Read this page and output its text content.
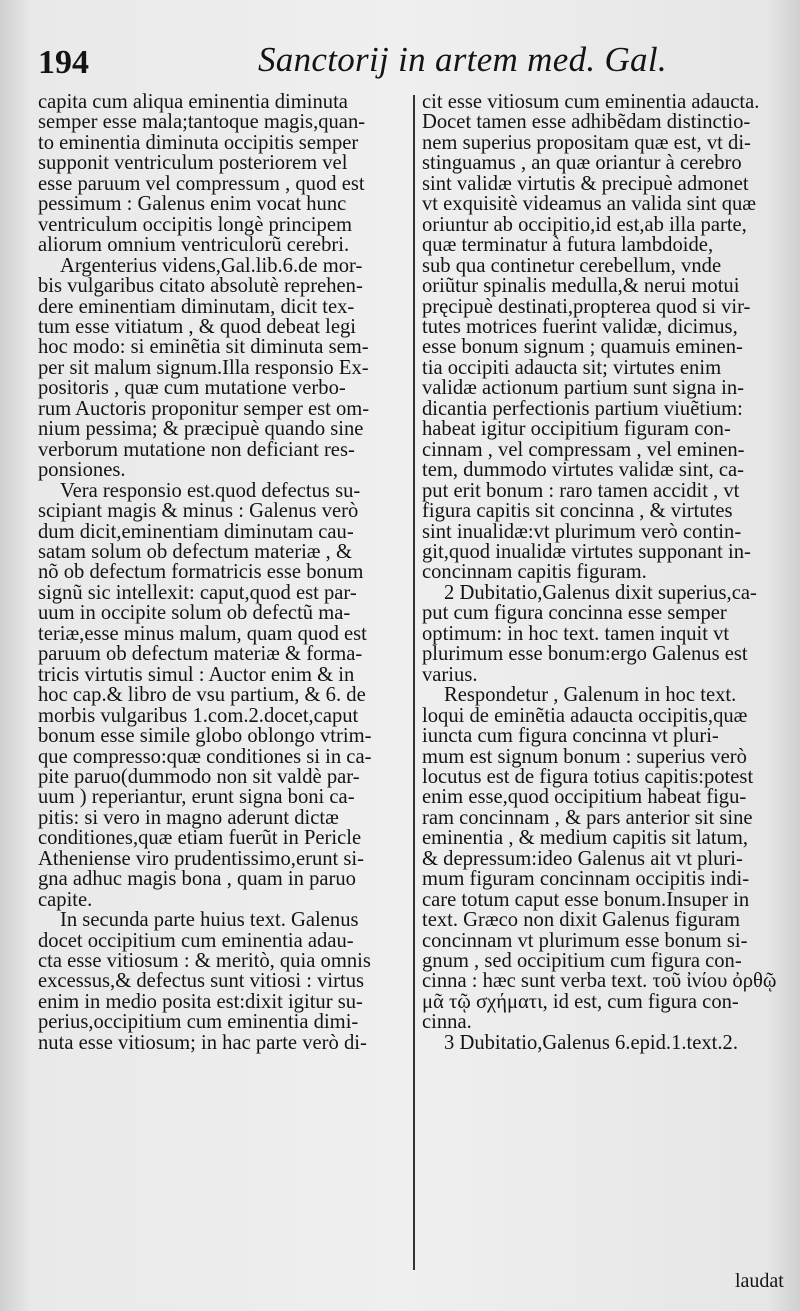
194	Sanctorij in artem med. Gal.
capita cum aliqua eminentia diminuta
semper esse mala;tantoque magis,quan-
to eminentia diminuta occipitis semper
supponit ventriculum posteriorem vel
esse paruum vel compressum , quod est
pessimum : Galenus enim vocat hunc
ventriculum occipitis longè principem
aliorum omnium ventriculorũ cerebri.
Argenterius videns,Gal.lib.6.de mor-
bis vulgaribus citato absolutè reprehen-
dere eminentiam diminutam, dicit tex-
tum esse vitiatum , & quod debeat legi
hoc modo: si eminẽtia sit diminuta sem-
per sit malum signum.Illa responsio Ex-
positoris , quæ cum mutatione verbo-
rum Auctoris proponitur semper est om-
nium pessima; & præcipuè quando sine
verborum mutatione non deficiant res-
ponsiones.
Vera responsio est.quod defectus su-
scipiant magis & minus : Galenus verò
dum dicit,eminentiam diminutam cau-
satam solum ob defectum materiæ , &
nõ ob defectum formatricis esse bonum
signũ sic intellexit: caput,quod est par-
uum in occipite solum ob defectũ ma-
teriæ,esse minus malum, quam quod est
paruum ob defectum materiæ & forma-
tricis virtutis simul : Auctor enim & in
hoc cap.& libro de vsu partium, & 6. de
morbis vulgaribus 1.com.2.docet,caput
bonum esse simile globo oblongo vtrim-
que compresso:quæ conditiones si in ca-
pite paruo(dummodo non sit valdè par-
uum ) reperiantur, erunt signa boni ca-
pitis: si vero in magno aderunt dictæ
conditiones,quæ etiam fuerũt in Pericle
Atheniense viro prudentissimo,erunt si-
gna adhuc magis bona , quam in paruo
capite.
In secunda parte huius text. Galenus
docet occipitium cum eminentia adau-
cta esse vitiosum : & meritò, quia omnis
excessus,& defectus sunt vitiosi : virtus
enim in medio posita est:dixit igitur su-
perius,occipitium cum eminentia dimi-
nuta esse vitiosum; in hac parte verò di-
cit esse vitiosum cum eminentia adaucta.
Docet tamen esse adhibẽdam distinctio-
nem superius propositam quæ est, vt di-
stinguamus , an quæ oriantur à cerebro
sint validæ virtutis & precipuè admonet
vt exquisitè videamus an valida sint quæ
oriuntur ab occipitio,id est,ab illa parte,
quæ terminatur à futura lambdoide,
sub qua continetur cerebellum, vnde
oriũtur spinalis medulla,& nerui motui
pręcipuè destinati,propterea quod si vir-
tutes motrices fuerint validæ, dicimus,
esse bonum signum ; quamuis eminen-
tia occipiti adaucta sit; virtutes enim
validæ actionum partium sunt signa in-
dicantia perfectionis partium viuẽtium:
habeat igitur occipitium figuram con-
cinnam , vel compressam , vel eminen-
tem, dummodo virtutes validæ sint, ca-
put erit bonum : raro tamen accidit , vt
figura capitis sit concinna , & virtutes
sint inualidæ:vt plurimum verò contin-
git,quod inualidæ virtutes supponant in-
concinnam capitis figuram.
2 Dubitatio,Galenus dixit superius,ca-
put cum figura concinna esse semper
optimum: in hoc text. tamen inquit vt
plurimum esse bonum:ergo Galenus est
varius.
Respondetur , Galenum in hoc text.
loqui de eminẽtia adaucta occipitis,quæ
iuncta cum figura concinna vt pluri-
mum est signum bonum : superius verò
locutus est de figura totius capitis:potest
enim esse,quod occipitium habeat figu-
ram concinnam , & pars anterior sit sine
eminentia , & medium capitis sit latum,
& depressum:ideo Galenus ait vt pluri-
mum figuram concinnam occipitis indi-
care totum caput esse bonum.Insuper in
text. Græco non dixit Galenus figuram
concinnam vt plurimum esse bonum si-
gnum , sed occipitium cum figura con-
cinna : hæc sunt verba text. τοῦ ἰνίου ὀρθῷ
μᾶ τῷ σχήματι, id est, cum figura con-
cinna.
3 Dubitatio,Galenus 6.epid.1.text.2.
laudat
